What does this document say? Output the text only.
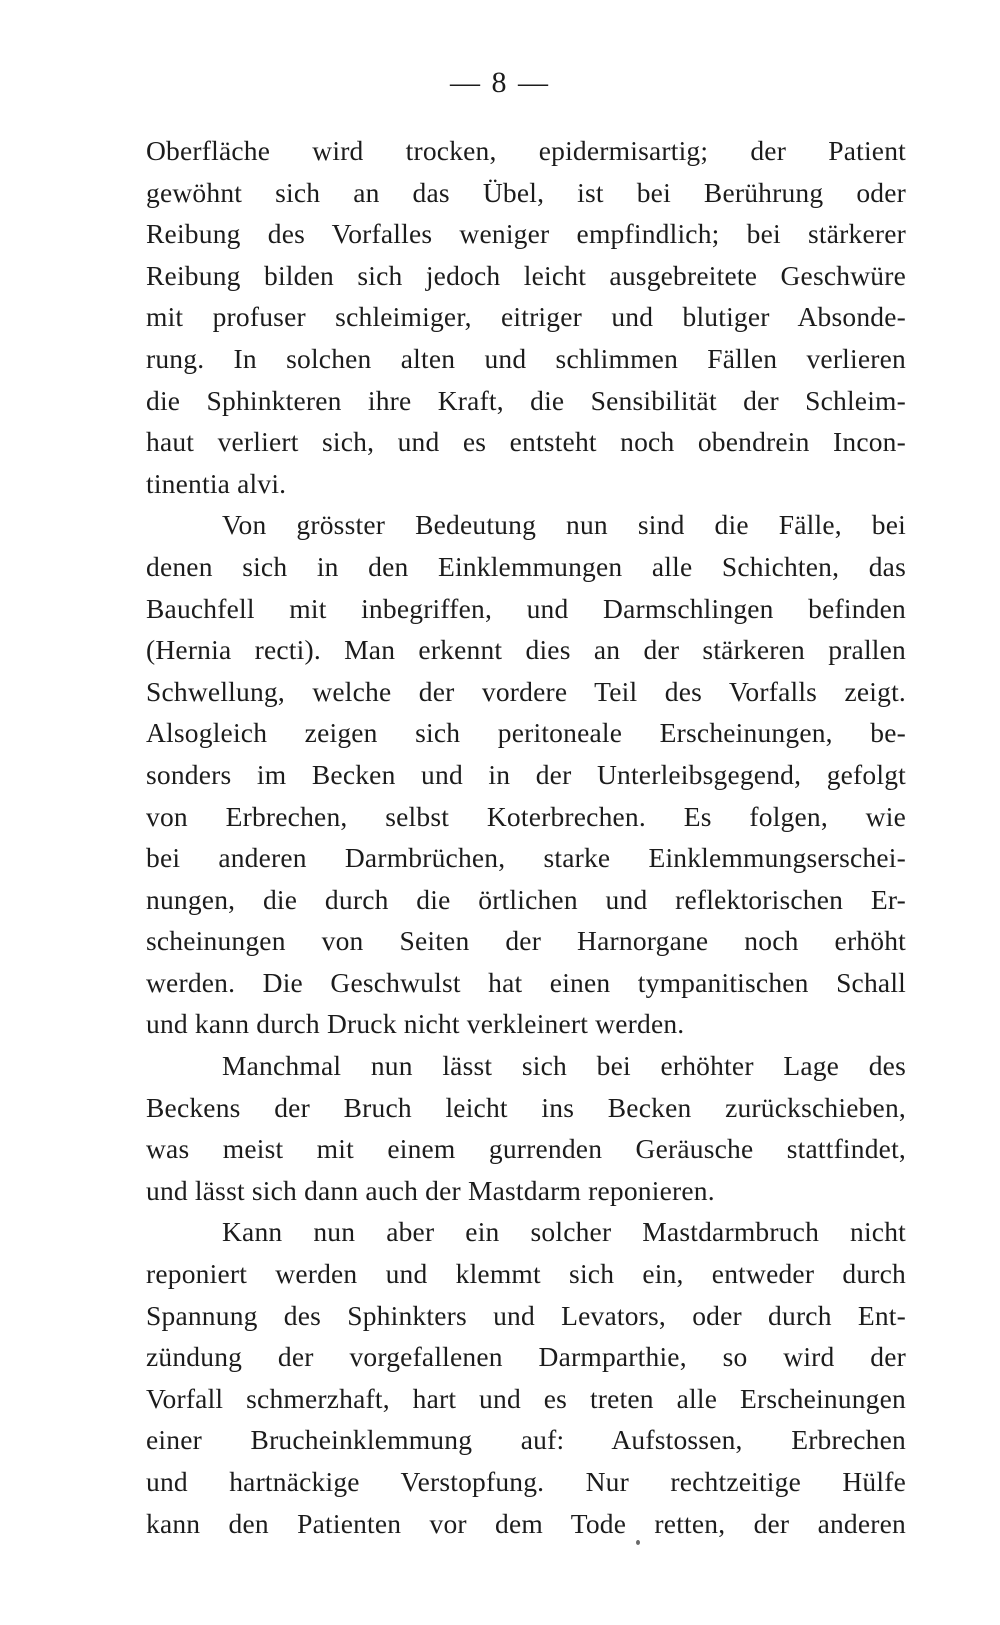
— 8 —
Oberfläche wird trocken, epidermisartig; der Patient
gewöhnt sich an das Übel, ist bei Berührung oder
Reibung des Vorfalles weniger empfindlich; bei stärkerer
Reibung bilden sich jedoch leicht ausgebreitete Geschwüre
mit profuser schleimiger, eitriger und blutiger Absonde-
rung. In solchen alten und schlimmen Fällen verlieren
die Sphinkteren ihre Kraft, die Sensibilität der Schleim-
haut verliert sich, und es entsteht noch obendrein Incon-
tinentia alvi.
Von grösster Bedeutung nun sind die Fälle, bei
denen sich in den Einklemmungen alle Schichten, das
Bauchfell mit inbegriffen, und Darmschlingen befinden
(Hernia recti). Man erkennt dies an der stärkeren prallen
Schwellung, welche der vordere Teil des Vorfalls zeigt.
Alsogleich zeigen sich peritoneale Erscheinungen, be-
sonders im Becken und in der Unterleibsgegend, gefolgt
von Erbrechen, selbst Koterbrechen. Es folgen, wie
bei anderen Darmbrüchen, starke Einklemmungserschei-
nungen, die durch die örtlichen und reflektorischen Er-
scheinungen von Seiten der Harnorgane noch erhöht
werden. Die Geschwulst hat einen tympanitischen Schall
und kann durch Druck nicht verkleinert werden.
Manchmal nun lässt sich bei erhöhter Lage des
Beckens der Bruch leicht ins Becken zurückschieben,
was meist mit einem gurrenden Geräusche stattfindet,
und lässt sich dann auch der Mastdarm reponieren.
Kann nun aber ein solcher Mastdarmbruch nicht
reponiert werden und klemmt sich ein, entweder durch
Spannung des Sphinkters und Levators, oder durch Ent-
zündung der vorgefallenen Darmparthie, so wird der
Vorfall schmerzhaft, hart und es treten alle Erscheinungen
einer Brucheinklemmung auf: Aufstossen, Erbrechen
und hartnäckige Verstopfung. Nur rechtzeitige Hülfe
kann den Patienten vor dem Tode retten, der anderen
